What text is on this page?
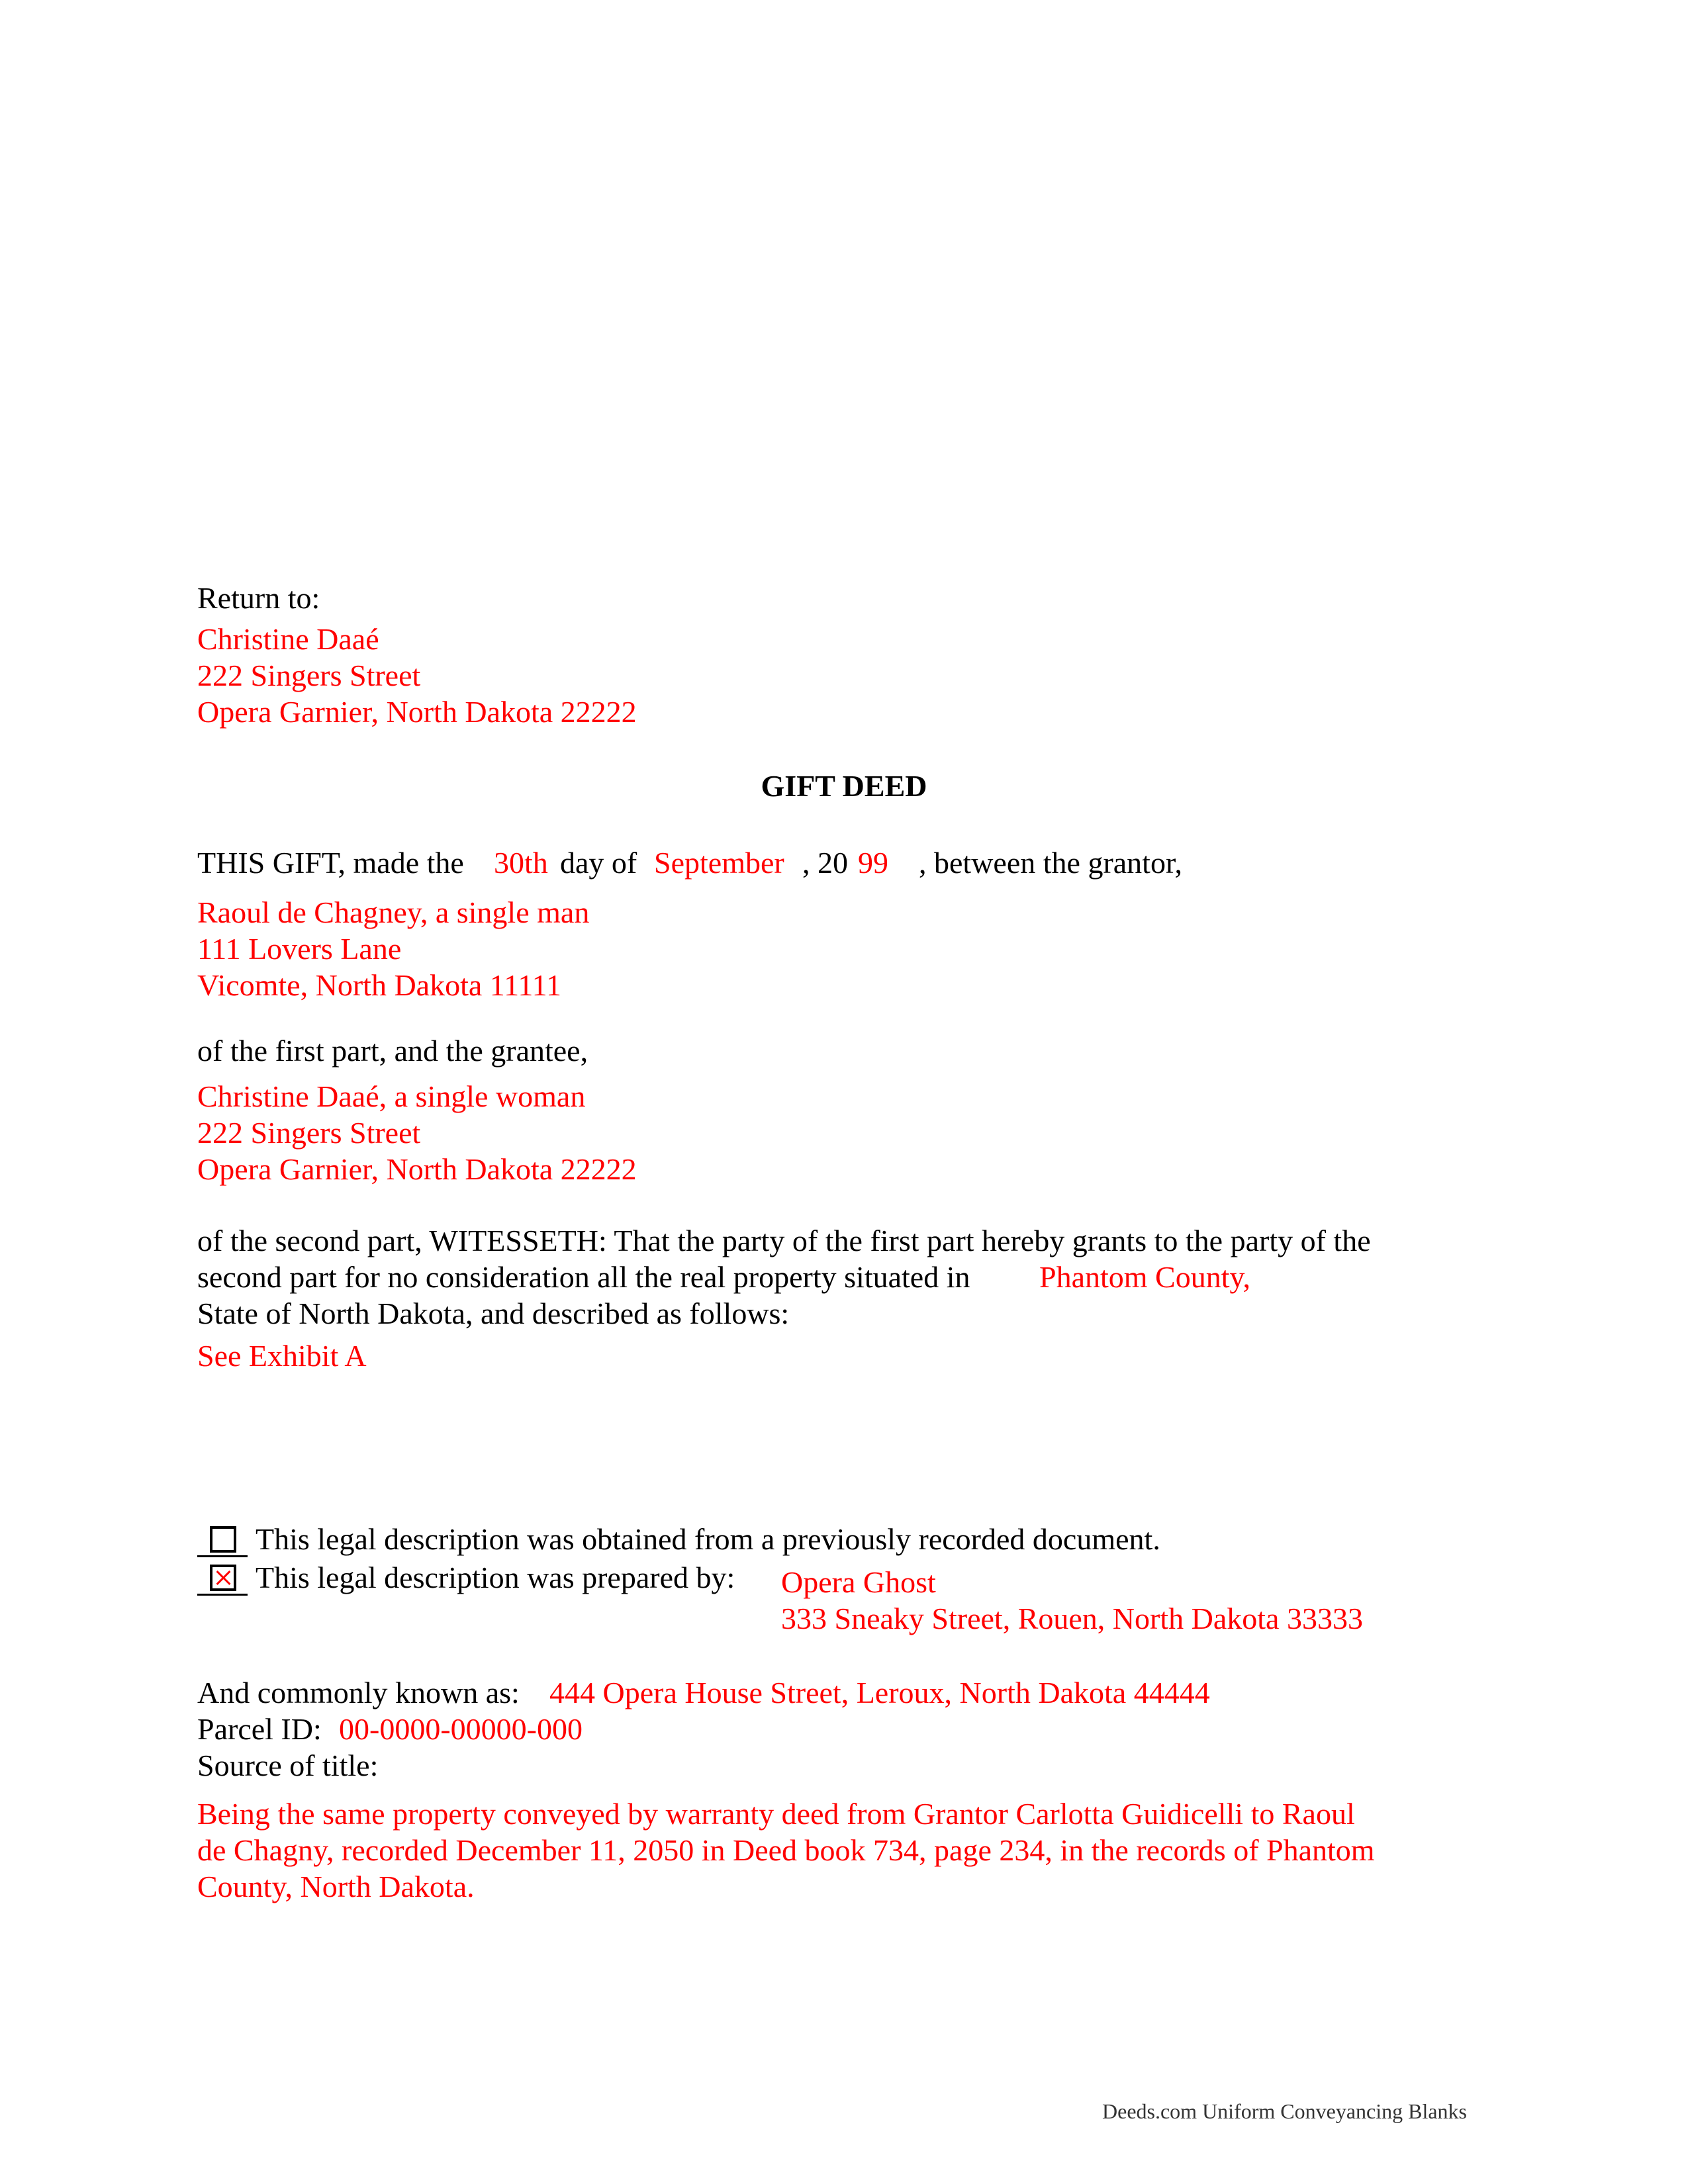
Return to:
Christine Daaé
222 Singers Street
Opera Garnier, North Dakota 22222
GIFT DEED
THIS GIFT, made the 30th day of September , 20 99 , between the grantor,
Raoul de Chagney, a single man
111 Lovers Lane
Vicomte, North Dakota 11111
of the first part, and the grantee,
Christine Daaé, a single woman
222 Singers Street
Opera Garnier, North Dakota 22222
of the second part, WITESSETH: That the party of the first part hereby grants to the party of the
second part for no consideration all the real property situated in Phantom County,
State of North Dakota, and described as follows:
See Exhibit A
This legal description was obtained from a previously recorded document.
This legal description was prepared by: Opera Ghost
333 Sneaky Street, Rouen, North Dakota 33333
And commonly known as: 444 Opera House Street, Leroux, North Dakota 44444
Parcel ID: 00-0000-00000-000
Source of title:
Being the same property conveyed by warranty deed from Grantor Carlotta Guidicelli to Raoul
de Chagny, recorded December 11, 2050 in Deed book 734, page 234, in the records of Phantom
County, North Dakota.
Deeds.com Uniform Conveyancing Blanks
